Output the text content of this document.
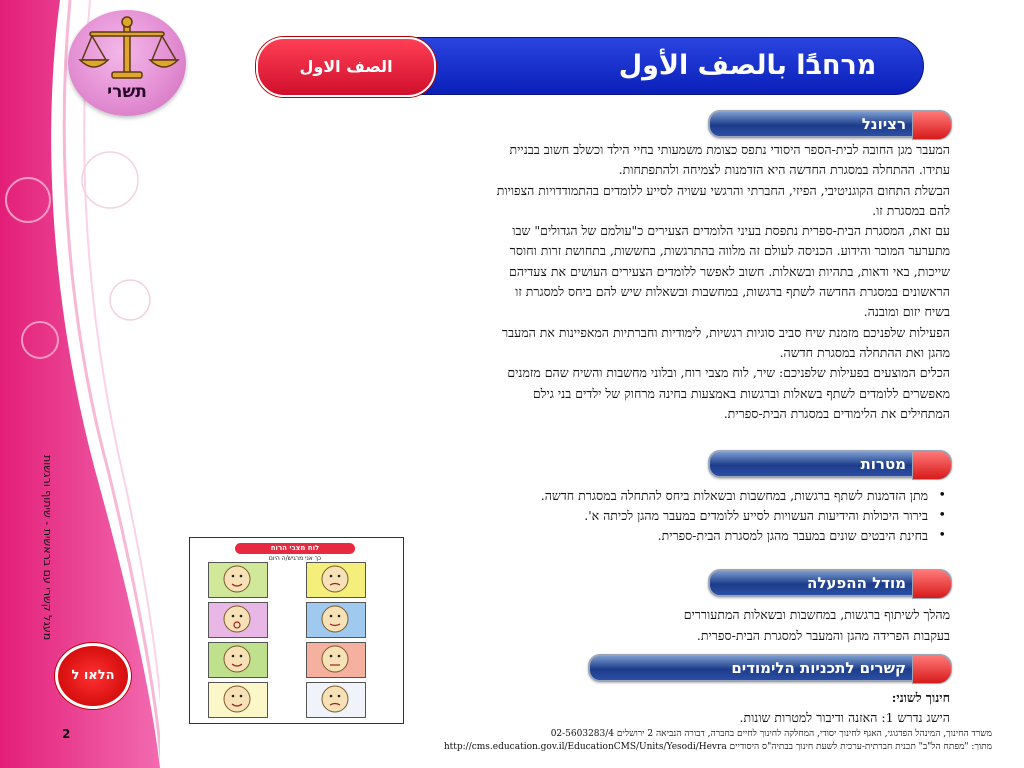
תשרי
מרחבًا بالصف الأول
الصف الاول
רציונל
המעבר מגן החובה לבית-הספר היסודי נתפס כצומת משמעותי בחיי הילד וכשלב חשוב בבניית
עתידו. ההתחלה במסגרת החדשה היא הזדמנות לצמיחה ולהתפתחות.
הבשלת התחום הקוגניטיבי, הפיזי, החברתי והרגשי עשויה לסייע ללומדים בהתמודדויות הצפויות
להם במסגרת זו.
עם זאת, המסגרת הבית-ספרית נתפסת בעיני הלומדים הצעירים כ"עולמם של הגדולים" שבו
מתערער המוכר והידוע. הכניסה לעולם זה מלווה בהתרגשות, בחששות, בתחושת זרות וחוסר
שייכות, באי ודאות, בתהיות ובשאלות. חשוב לאפשר ללומדים הצעירים העושים את צעדיהם
הראשונים במסגרת החדשה לשתף ברגשות, במחשבות ובשאלות שיש להם ביחס למסגרת זו
בשיח יזום ומובנה.
הפעילות שלפניכם מזמנת שיח סביב סוגיות רגשיות, לימודיות וחברתיות המאפיינות את המעבר
מהגן ואת ההתחלה במסגרת חדשה.
הכלים המוצעים בפעילות שלפניכם: שיר, לוח מצבי רוח, ובלוני מחשבות והשיח שהם מזמנים
מאפשרים ללומדים לשתף בשאלות וברגשות באמצעות בחינה מרחוק של ילדים בני גילם
המתחילים את הלימודים במסגרת הבית-ספרית.
מטרות
• מתן הזדמנות לשתף ברגשות, במחשבות ובשאלות ביחס להתחלה במסגרת חדשה.
• בירור היכולות והידיעות העשויות לסייע ללומדים במעבר מהגן לכיתה א'.
• בחינת היבטים שונים במעבר מהגן למסגרת הבית-ספרית.
לוח מצבי הרוח
כך אני מרגיש/ה היום
מודל ההפעלה
מהלך לשיתוף ברגשות, במחשבות ובשאלות המתעוררים
בעקבות הפרידה מהגן והמעבר למסגרת הבית-ספרית.
קשרים לתכניות הלימודים
חינוך לשוני:
הישג נדרש 1: האזנה ודיבור למטרות שונות.
מעגל קשרי עם בראשית - שיתוף ורגשות
הלאו ל
2	משרד החינוך, המינהל הפדגוגי, האגף לחינוך יסודי, המחלקה לחינוך לחיים בחברה, דבורה הנביאה 2 ירושלים 02-5603283/4
מתוך: "מפתח הל"ב" תכנית חברתית-ערכית לשעת חינוך בבתיה"ס היסודיים http://cms.education.gov.il/EducationCMS/Units/Yesodi/Hevra
